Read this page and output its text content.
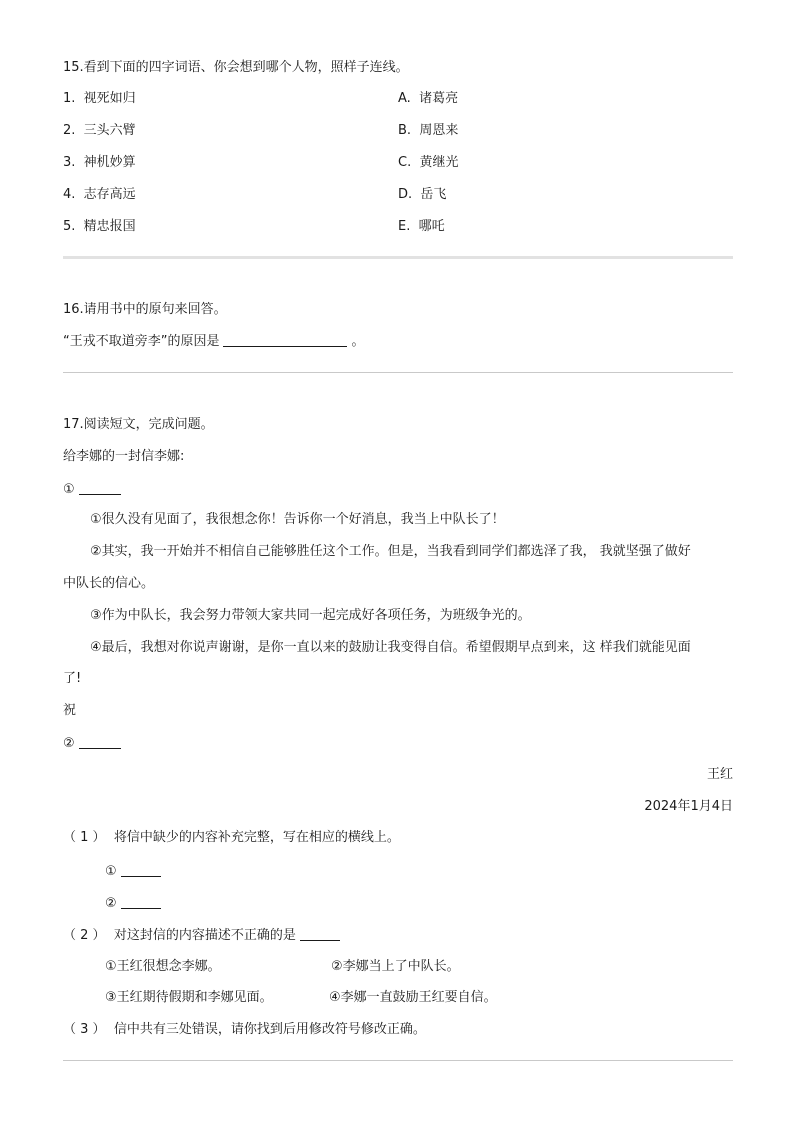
15.看到下面的四字词语、你会想到哪个人物，照样子连线。
1. 视死如归
2. 三头六臂
3. 神机妙算
4. 志存高远
5. 精忠报国
A. 诸葛亮
B. 周恩来
C. 黄继光
D. 岳飞
E. 哪吒
16.请用书中的原句来回答。
“王戎不取道旁李”的原因是	。
17.阅读短文，完成问题。
给李娜的一封信李娜:
①
①很久没有见面了，我很想念你！告诉你一个好消息，我当上中队长了！
②其实，我一开始并不相信自己能够胜任这个工作。但是，当我看到同学们都选泽了我， 我就坚强了做好
中队长的信心。
③作为中队长，我会努力带领大家共同一起完成好各项任务，为班级争光的。
④最后，我想对你说声谢谢，是你一直以来的鼓励让我变得自信。希望假期早点到来，这 样我们就能见面
了!
祝
②
王红
2024年1月4日
（ 1 ） 将信中缺少的内容补充完整，写在相应的横线上。
①
②
（ 2 ） 对这封信的内容描述不正确的是
①王红很想念李娜。	②李娜当上了中队长。
③王红期待假期和李娜见面。	④李娜一直鼓励王红要自信。
（ 3 ） 信中共有三处错误，请你找到后用修改符号修改正确。
